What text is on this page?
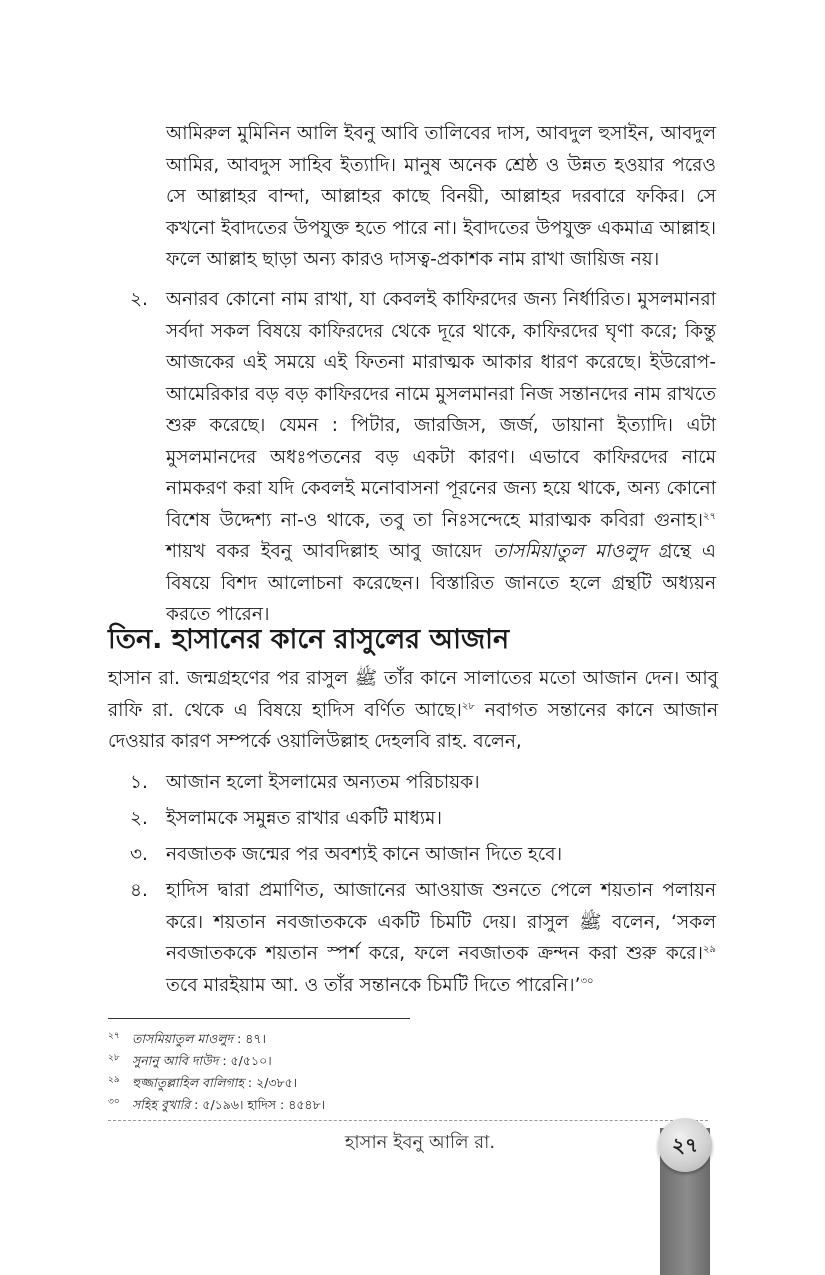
আমিরুল মুমিনিন আলি ইবনু আবি তালিবের দাস, আবদুল হুসাইন, আবদুল আমির, আবদুস সাহিব ইত্যাদি। মানুষ অনেক শ্রেষ্ঠ ও উন্নত হওয়ার পরেও সে আল্লাহর বান্দা, আল্লাহর কাছে বিনয়ী, আল্লাহর দরবারে ফকির। সে কখনো ইবাদতের উপযুক্ত হতে পারে না। ইবাদতের উপযুক্ত একমাত্র আল্লাহ। ফলে আল্লাহ ছাড়া অন্য কারও দাসত্ব-প্রকাশক নাম রাখা জায়িজ নয়।
২. অনারব কোনো নাম রাখা, যা কেবলই কাফিরদের জন্য নির্ধারিত। মুসলমানরা সর্বদা সকল বিষয়ে কাফিরদের থেকে দূরে থাকে, কাফিরদের ঘৃণা করে; কিন্তু আজকের এই সময়ে এই ফিতনা মারাত্মক আকার ধারণ করেছে। ইউরোপ-আমেরিকার বড় বড় কাফিরদের নামে মুসলমানরা নিজ সন্তানদের নাম রাখতে শুরু করেছে। যেমন : পিটার, জারজিস, জর্জ, ডায়ানা ইত্যাদি। এটা মুসলমানদের অধঃপতনের বড় একটা কারণ। এভাবে কাফিরদের নামে নামকরণ করা যদি কেবলই মনোবাসনা পূরনের জন্য হয়ে থাকে, অন্য কোনো বিশেষ উদ্দেশ্য না-ও থাকে, তবু তা নিঃসন্দেহে মারাত্মক কবিরা গুনাহ।$^{২৭}$ শায়খ বকর ইবনু আবদিল্লাহ আবু জায়েদ তাসমিয়াতুল মাওলুদ গ্রন্থে এ বিষয়ে বিশদ আলোচনা করেছেন। বিস্তারিত জানতে হলে গ্রন্থটি অধ্যয়ন করতে পারেন।
তিন. হাসানের কানে রাসুলের আজান
হাসান রা. জন্মগ্রহণের পর রাসুল ﷺ তাঁর কানে সালাতের মতো আজান দেন। আবু রাফি রা. থেকে এ বিষয়ে হাদিস বর্ণিত আছে।$^{২৮}$ নবাগত সন্তানের কানে আজান দেওয়ার কারণ সম্পর্কে ওয়ালিউল্লাহ দেহলবি রাহ. বলেন,
১. আজান হলো ইসলামের অন্যতম পরিচায়ক।
২. ইসলামকে সমুন্নত রাখার একটি মাধ্যম।
৩. নবজাতক জন্মের পর অবশ্যই কানে আজান দিতে হবে।
৪. হাদিস দ্বারা প্রমাণিত, আজানের আওয়াজ শুনতে পেলে শয়তান পলায়ন করে। শয়তান নবজাতককে একটি চিমটি দেয়। রাসুল ﷺ বলেন, ‘সকল নবজাতককে শয়তান স্পর্শ করে, ফলে নবজাতক ক্রন্দন করা শুরু করে।$^{২৯}$ তবে মারইয়াম আ. ও তাঁর সন্তানকে চিমটি দিতে পারেনি।’$^{৩০}$
২৭ তাসমিয়াতুল মাওলুদ : ৪৭।
২৮ সুনানু আবি দাউদ : ৫/৫১০।
২৯ হুজ্জাতুল্লাহিল বালিগাহ : ২/৩৮৫।
৩০ সহিহ বুখারি : ৫/১৯৬। হাদিস : ৪৫৪৮।
হাসান ইবনু আলি রা.	২৭
